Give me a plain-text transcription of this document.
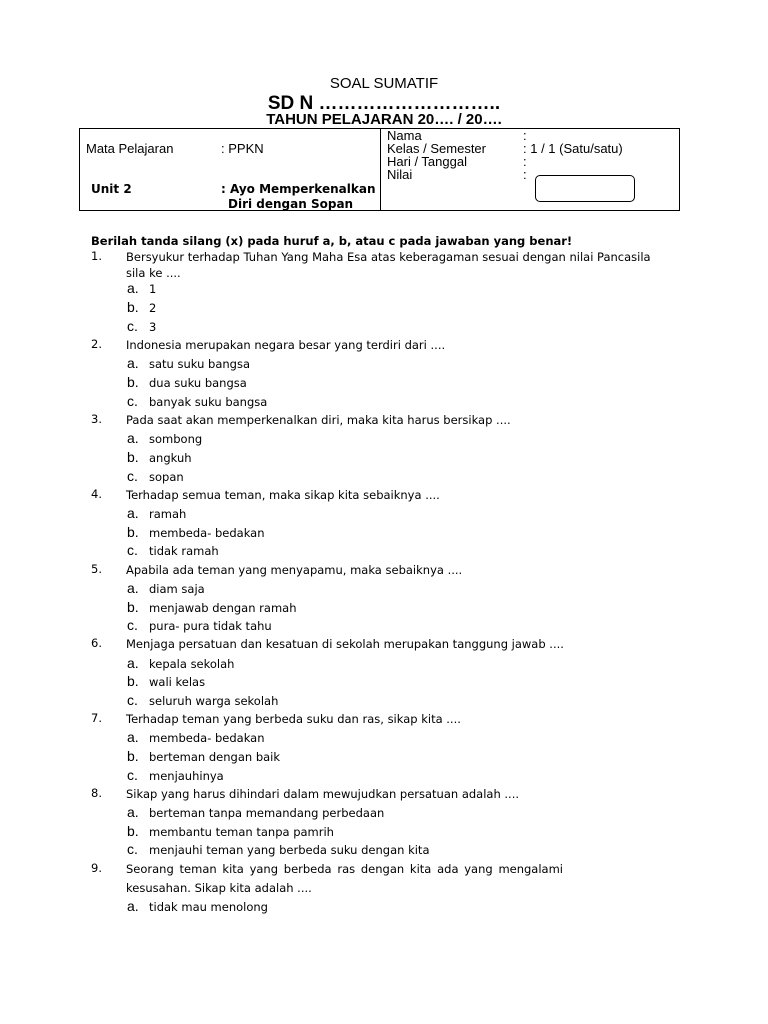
SOAL SUMATIF
SD N ………………………..
TAHUN PELAJARAN 20…. / 20….
Mata Pelajaran	: PPKN
Unit 2	: Ayo Memperkenalkan
Diri dengan Sopan
Nama	:
Kelas / Semester	: 1 / 1 (Satu/satu)
Hari / Tanggal	:
Nilai	:
Berilah tanda silang (x) pada huruf a, b, atau c pada jawaban yang benar!
1. Bersyukur terhadap Tuhan Yang Maha Esa atas keberagaman sesuai dengan nilai Pancasila sila ke ....
a. 1
b. 2
c. 3
2. Indonesia merupakan negara besar yang terdiri dari ....
a. satu suku bangsa
b. dua suku bangsa
c. banyak suku bangsa
3. Pada saat akan memperkenalkan diri, maka kita harus bersikap ....
a. sombong
b. angkuh
c. sopan
4. Terhadap semua teman, maka sikap kita sebaiknya ....
a. ramah
b. membeda- bedakan
c. tidak ramah
5. Apabila ada teman yang menyapamu, maka sebaiknya ....
a. diam saja
b. menjawab dengan ramah
c. pura- pura tidak tahu
6. Menjaga persatuan dan kesatuan di sekolah merupakan tanggung jawab ....
a. kepala sekolah
b. wali kelas
c. seluruh warga sekolah
7. Terhadap teman yang berbeda suku dan ras, sikap kita ....
a. membeda- bedakan
b. berteman dengan baik
c. menjauhinya
8. Sikap yang harus dihindari dalam mewujudkan persatuan adalah ....
a. berteman tanpa memandang perbedaan
b. membantu teman tanpa pamrih
c. menjauhi teman yang berbeda suku dengan kita
9. Seorang teman kita yang berbeda ras dengan kita ada yang mengalami
kesusahan. Sikap kita adalah ....
a. tidak mau menolong
